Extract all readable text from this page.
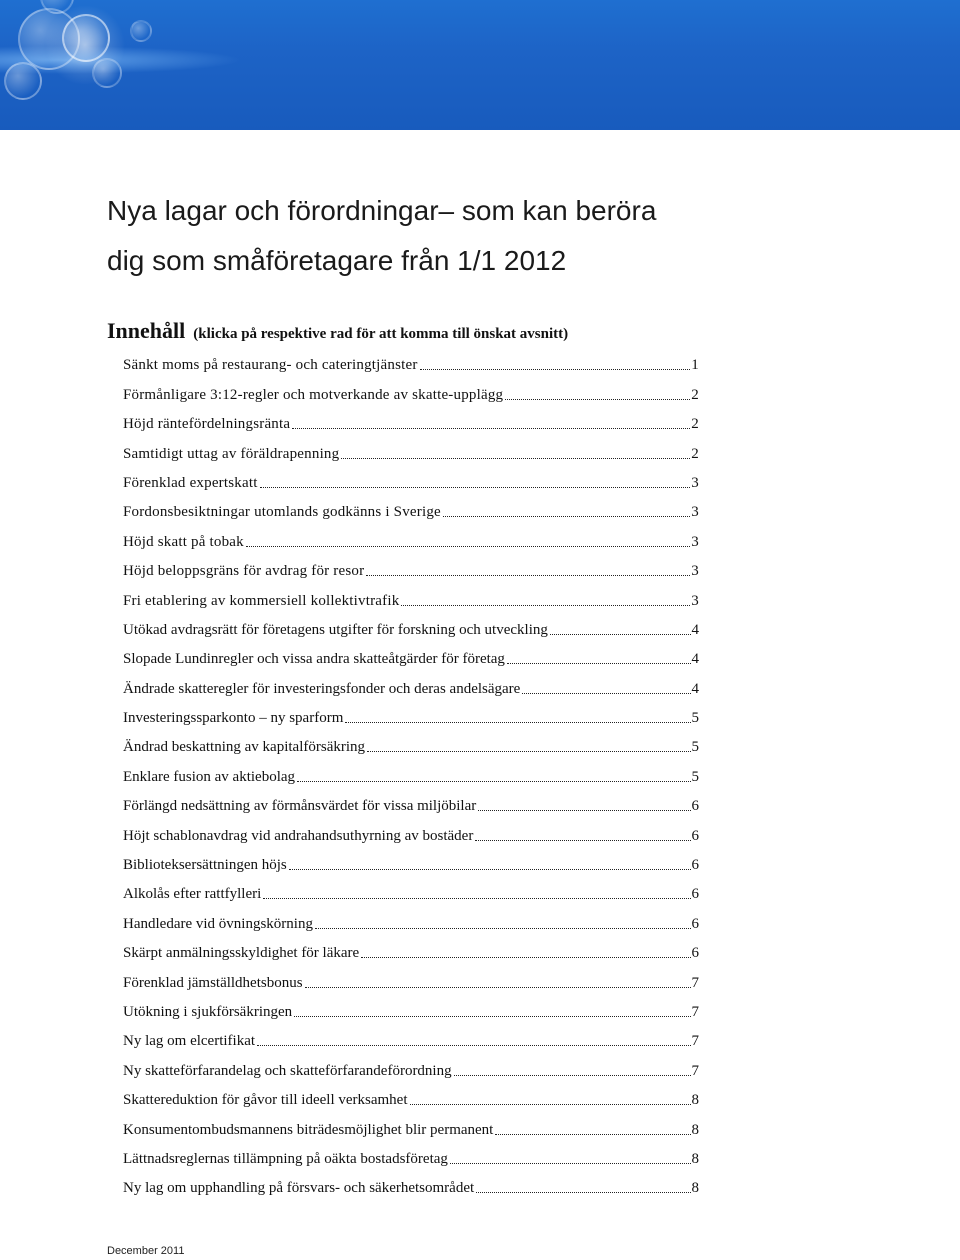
Nya lagar och förordningar– som kan beröra
dig som småföretagare från 1/1 2012
Innehåll (klicka på respektive rad för att komma till önskat avsnitt)
Sänkt moms på restaurang- och cateringtjänster	1
Förmånligare 3:12-regler och motverkande av skatte-upplägg	2
Höjd räntefördelningsränta	2
Samtidigt uttag av föräldrapenning	2
Förenklad expertskatt	3
Fordonsbesiktningar utomlands godkänns i Sverige	3
Höjd skatt på tobak	3
Höjd beloppsgräns för avdrag för resor	3
Fri etablering av kommersiell kollektivtrafik	3
Utökad avdragsrätt för företagens utgifter för forskning och utveckling	4
Slopade Lundinregler och vissa andra skatteåtgärder för företag	4
Ändrade skatteregler för investeringsfonder och deras andelsägare	4
Investeringssparkonto – ny sparform	5
Ändrad beskattning av kapitalförsäkring	5
Enklare fusion av aktiebolag	5
Förlängd nedsättning av förmånsvärdet för vissa miljöbilar	6
Höjt schablonavdrag vid andrahandsuthyrning av bostäder	6
Biblioteksersättningen höjs	6
Alkolås efter rattfylleri	6
Handledare vid övningskörning	6
Skärpt anmälningsskyldighet för läkare	6
Förenklad jämställdhetsbonus	7
Utökning i sjukförsäkringen	7
Ny lag om elcertifikat	7
Ny skatteförfarandelag och skatteförfarandeförordning	7
Skattereduktion för gåvor till ideell verksamhet	8
Konsumentombudsmannens biträdesmöjlighet blir permanent	8
Lättnadsreglernas tillämpning på oäkta bostadsföretag	8
Ny lag om upphandling på försvars- och säkerhetsområdet	8
December 2011
